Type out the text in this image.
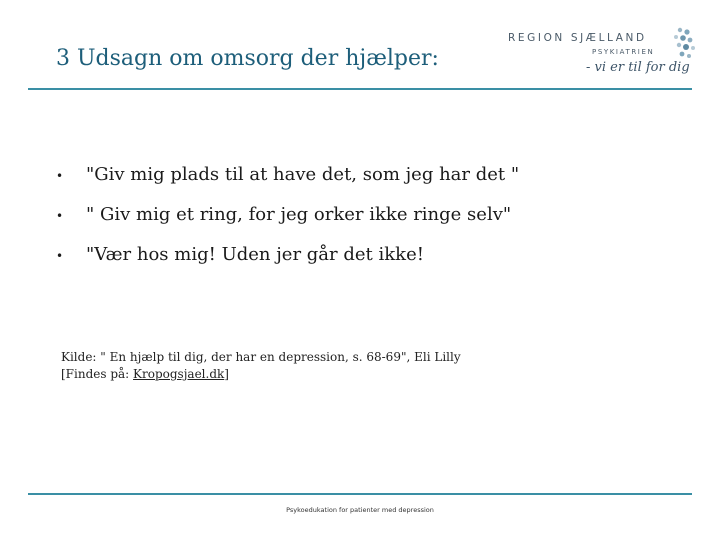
3 Udsagn om omsorg der hjælper:
REGION SJÆLLAND
PSYKIATRIEN
- vi er til for dig
•	"Giv mig plads til at have det, som jeg har det "
•	" Giv mig et ring, for jeg orker ikke ringe selv"
•	"Vær hos mig! Uden jer går det ikke!
Kilde: " En hjælp til dig, der har en depression, s. 68-69", Eli Lilly
[Findes på: Kropogsjael.dk]
Psykoedukation for patienter med depression
